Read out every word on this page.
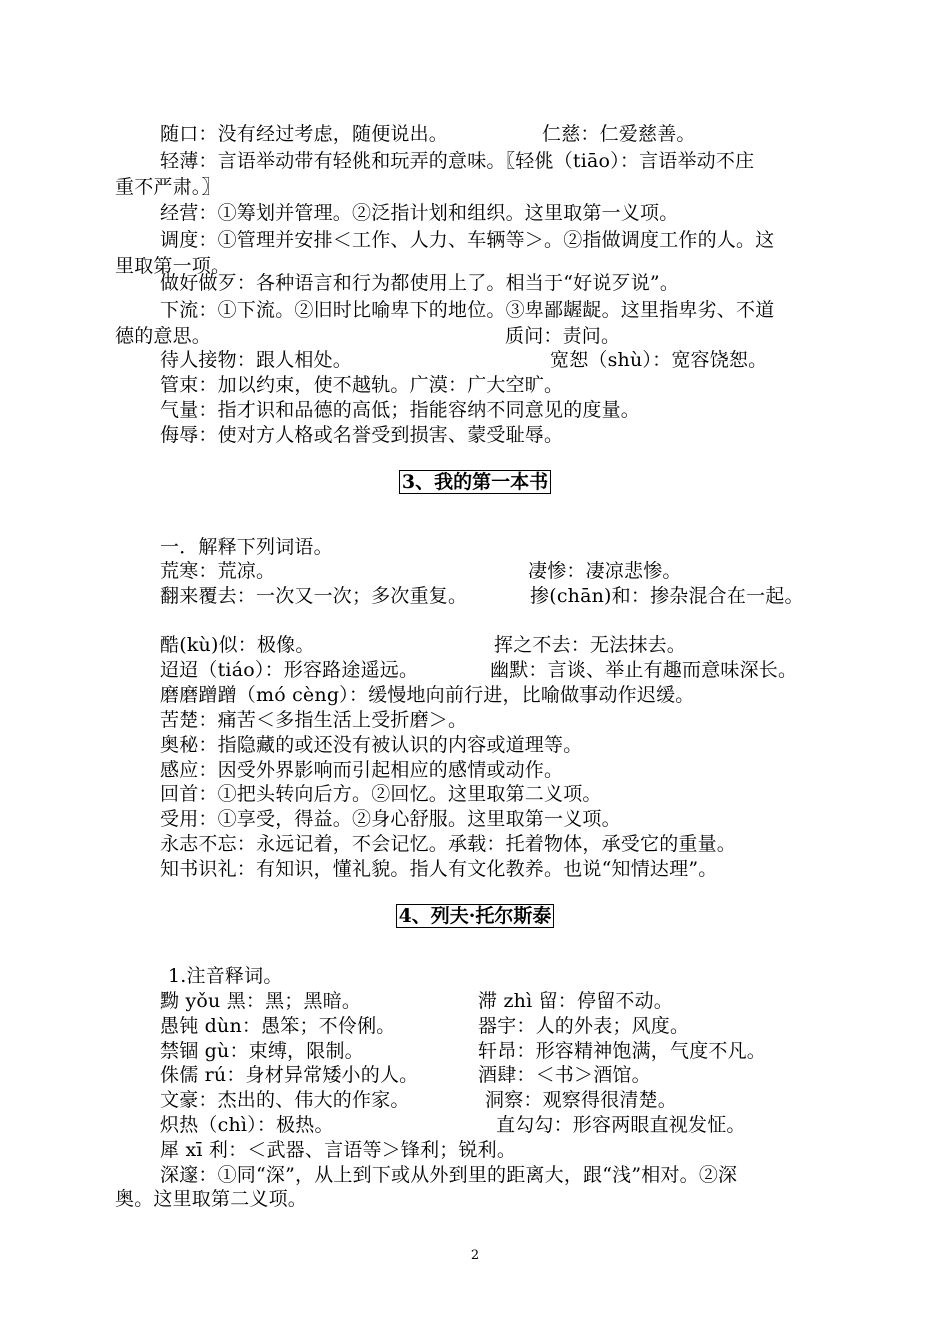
随口：没有经过考虑，随便说出。	仁慈：仁爱慈善。
轻薄：言语举动带有轻佻和玩弄的意味。〖轻佻（tiāo）：言语举动不庄
重不严肃。〗
经营：①筹划并管理。②泛指计划和组织。这里取第一义项。
调度：①管理并安排＜工作、人力、车辆等＞。②指做调度工作的人。这
里取第一项。
做好做歹：各种语言和行为都使用上了。相当于“好说歹说”。
下流：①下流。②旧时比喻卑下的地位。③卑鄙龌龊。这里指卑劣、不道
德的意思。	质问：责问。
待人接物：跟人相处。	宽恕（shù）：宽容饶恕。
管束：加以约束，使不越轨。广漠：广大空旷。
气量：指才识和品德的高低；指能容纳不同意见的度量。
侮辱：使对方人格或名誉受到损害、蒙受耻辱。
3、我的第一本书
一．解释下列词语。
荒寒：荒凉。	凄惨：凄凉悲惨。
翻来覆去：一次又一次；多次重复。	掺(chān)和：掺杂混合在一起。
酷(kù)似：极像。	挥之不去：无法抹去。
迢迢（tiáo）：形容路途遥远。	幽默：言谈、举止有趣而意味深长。
磨磨蹭蹭（mó cèng）：缓慢地向前行进，比喻做事动作迟缓。
苦楚：痛苦＜多指生活上受折磨＞。
奥秘：指隐藏的或还没有被认识的内容或道理等。
感应：因受外界影响而引起相应的感情或动作。
回首：①把头转向后方。②回忆。这里取第二义项。
受用：①享受，得益。②身心舒服。这里取第一义项。
永志不忘：永远记着，不会记忆。承载：托着物体，承受它的重量。
知书识礼：有知识，懂礼貌。指人有文化教养。也说“知情达理”。
4、列夫·托尔斯泰
1.注音释词。
黝 yǒu 黑：黑；黑暗。	滞 zhì 留：停留不动。
愚钝 dùn：愚笨；不伶俐。	器宇：人的外表；风度。
禁锢 gù：束缚，限制。	轩昂：形容精神饱满，气度不凡。
侏儒 rú：身材异常矮小的人。	酒肆：＜书＞酒馆。
文豪：杰出的、伟大的作家。	洞察：观察得很清楚。
炽热（chì）：极热。	直勾勾：形容两眼直视发怔。
犀 xī 利：＜武器、言语等＞锋利；锐利。
深邃：①同“深”，从上到下或从外到里的距离大，跟“浅”相对。②深
奥。这里取第二义项。
2
